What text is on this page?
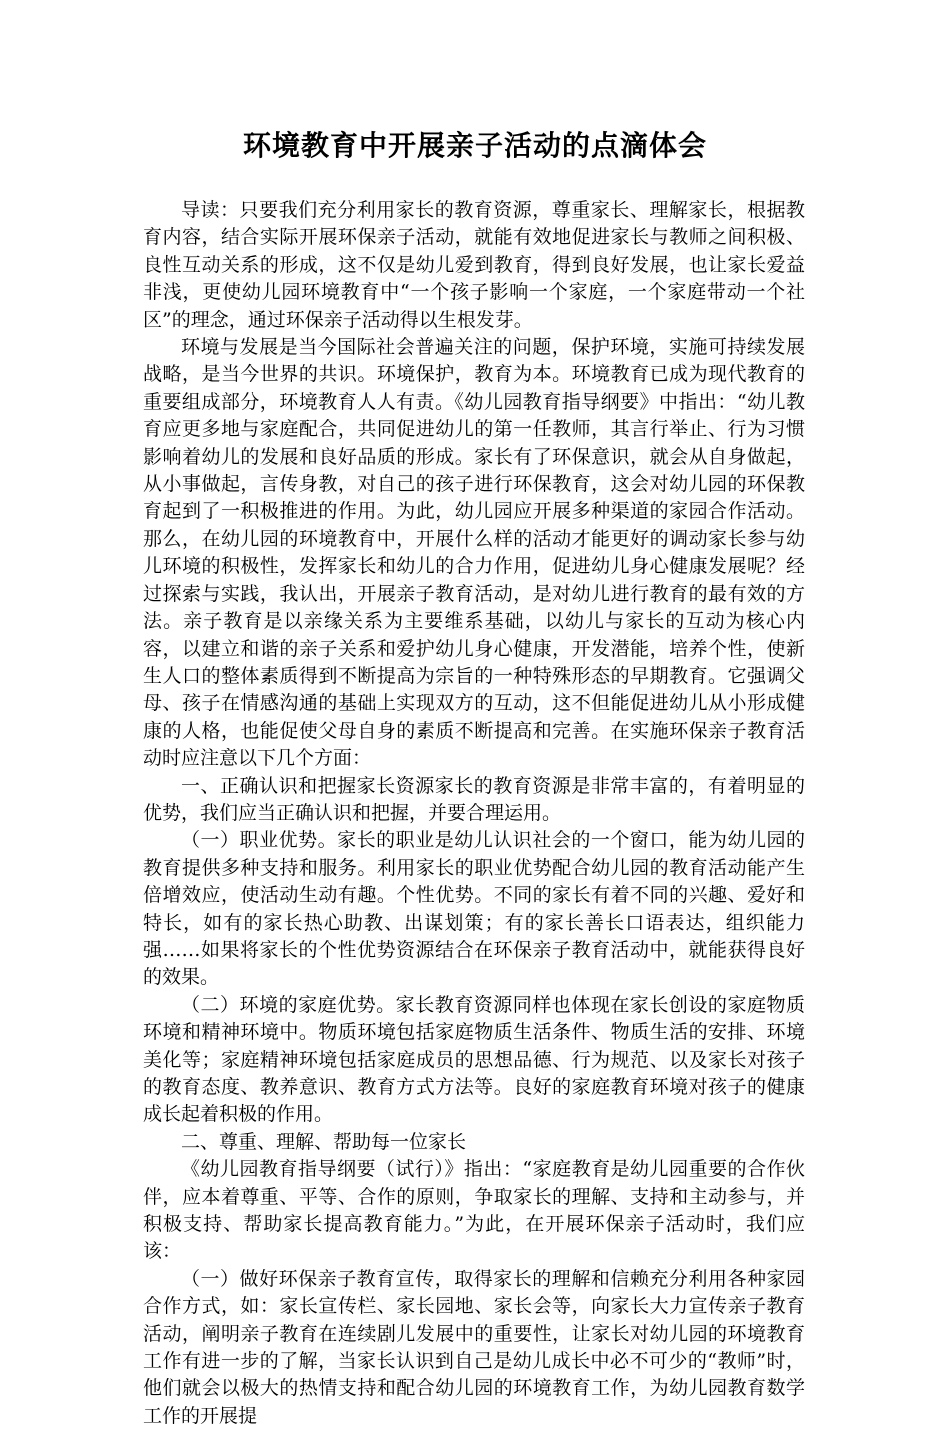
环境教育中开展亲子活动的点滴体会

导读：只要我们充分利用家长的教育资源，尊重家长、理解家长，根据教育内容，结合实际开展环保亲子活动，就能有效地促进家长与教师之间积极、良性互动关系的形成，这不仅是幼儿爱到教育，得到良好发展，也让家长爱益非浅，更使幼儿园环境教育中“一个孩子影响一个家庭，一个家庭带动一个社区”的理念，通过环保亲子活动得以生根发芽。

环境与发展是当今国际社会普遍关注的问题，保护环境，实施可持续发展战略，是当今世界的共识。环境保护，教育为本。环境教育已成为现代教育的重要组成部分，环境教育人人有责。《幼儿园教育指导纲要》中指出：“幼儿教育应更多地与家庭配合，共同促进幼儿的第一任教师，其言行举止、行为习惯影响着幼儿的发展和良好品质的形成。家长有了环保意识，就会从自身做起，从小事做起，言传身教，对自己的孩子进行环保教育，这会对幼儿园的环保教育起到了一积极推进的作用。为此，幼儿园应开展多种渠道的家园合作活动。那么，在幼儿园的环境教育中，开展什么样的活动才能更好的调动家长参与幼儿环境的积极性，发挥家长和幼儿的合力作用，促进幼儿身心健康发展呢？经过探索与实践，我认出，开展亲子教育活动，是对幼儿进行教育的最有效的方法。亲子教育是以亲缘关系为主要维系基础，以幼儿与家长的互动为核心内容，以建立和谐的亲子关系和爱护幼儿身心健康，开发潜能，培养个性，使新生人口的整体素质得到不断提高为宗旨的一种特殊形态的早期教育。它强调父母、孩子在情感沟通的基础上实现双方的互动，这不但能促进幼儿从小形成健康的人格，也能促使父母自身的素质不断提高和完善。在实施环保亲子教育活动时应注意以下几个方面：

一、正确认识和把握家长资源家长的教育资源是非常丰富的，有着明显的优势，我们应当正确认识和把握，并要合理运用。

（一）职业优势。家长的职业是幼儿认识社会的一个窗口，能为幼儿园的教育提供多种支持和服务。利用家长的职业优势配合幼儿园的教育活动能产生倍增效应，使活动生动有趣。个性优势。不同的家长有着不同的兴趣、爱好和特长，如有的家长热心助教、出谋划策；有的家长善长口语表达，组织能力强……如果将家长的个性优势资源结合在环保亲子教育活动中，就能获得良好的效果。

（二）环境的家庭优势。家长教育资源同样也体现在家长创设的家庭物质环境和精神环境中。物质环境包括家庭物质生活条件、物质生活的安排、环境美化等；家庭精神环境包括家庭成员的思想品德、行为规范、以及家长对孩子的教育态度、教养意识、教育方式方法等。良好的家庭教育环境对孩子的健康成长起着积极的作用。

二、尊重、理解、帮助每一位家长

《幼儿园教育指导纲要（试行）》指出：“家庭教育是幼儿园重要的合作伙伴，应本着尊重、平等、合作的原则，争取家长的理解、支持和主动参与，并积极支持、帮助家长提高教育能力。”为此，在开展环保亲子活动时，我们应该：

（一）做好环保亲子教育宣传，取得家长的理解和信赖充分利用各种家园合作方式，如：家长宣传栏、家长园地、家长会等，向家长大力宣传亲子教育活动，阐明亲子教育在连续剧儿发展中的重要性，让家长对幼儿园的环境教育工作有进一步的了解，当家长认识到自己是幼儿成长中必不可少的“教师”时，他们就会以极大的热情支持和配合幼儿园的环境教育工作，为幼儿园教育数学工作的开展提
